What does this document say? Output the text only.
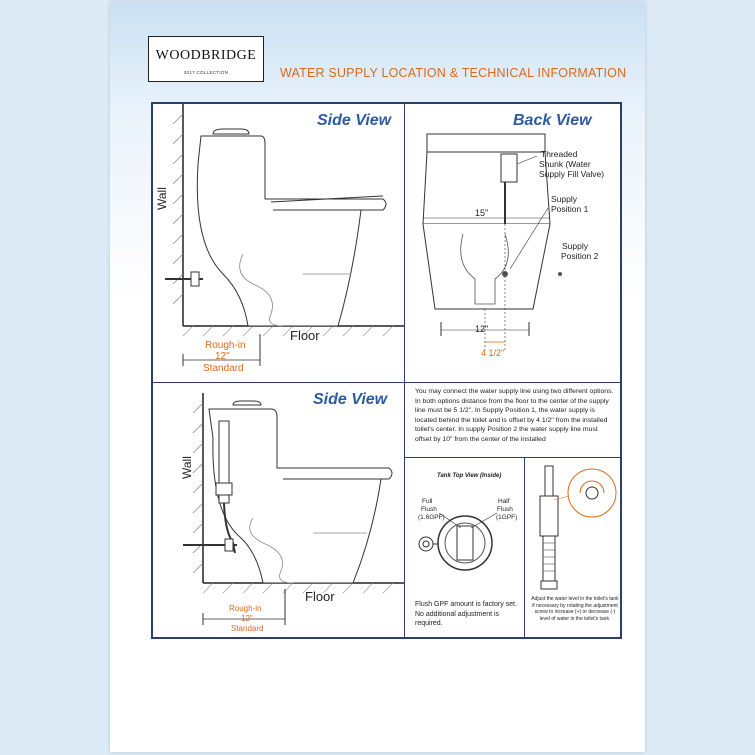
WOODBRIDGE
2017 COLLECTION	WATER SUPPLY LOCATION & TECHNICAL INFORMATION
Side View
Wall
Floor
Rough-in
12"
Standard
Back View
Threaded
Shunk (Water
Supply Fill Valve)
Supply
Position 1
Supply
Position 2
15"
12"
4 1/2"
You may connect the water supply line using two different options. In both options distance from the floor to the center of the supply line must be 5 1/2". In Supply Position 1, the water supply is located behind the toilet and is offset by 4 1/2" from the installed toilet's center. In supply Position 2 the water supply line must offset by 10" from the center of the installed
Side View
Wall
Floor
Rough-in
12"
Standard
Tank Top View (Inside)
Full
Flush
(1.6GPF)
Half
Flush
(1GPF)
Flush GPF amount is factory set. No additional adjustment is required.
Adjust the water level in the toilet's tank if necessary by rotating the adjustment screw to increase (+) or decrease (-) level of water in the toilet's tank.
